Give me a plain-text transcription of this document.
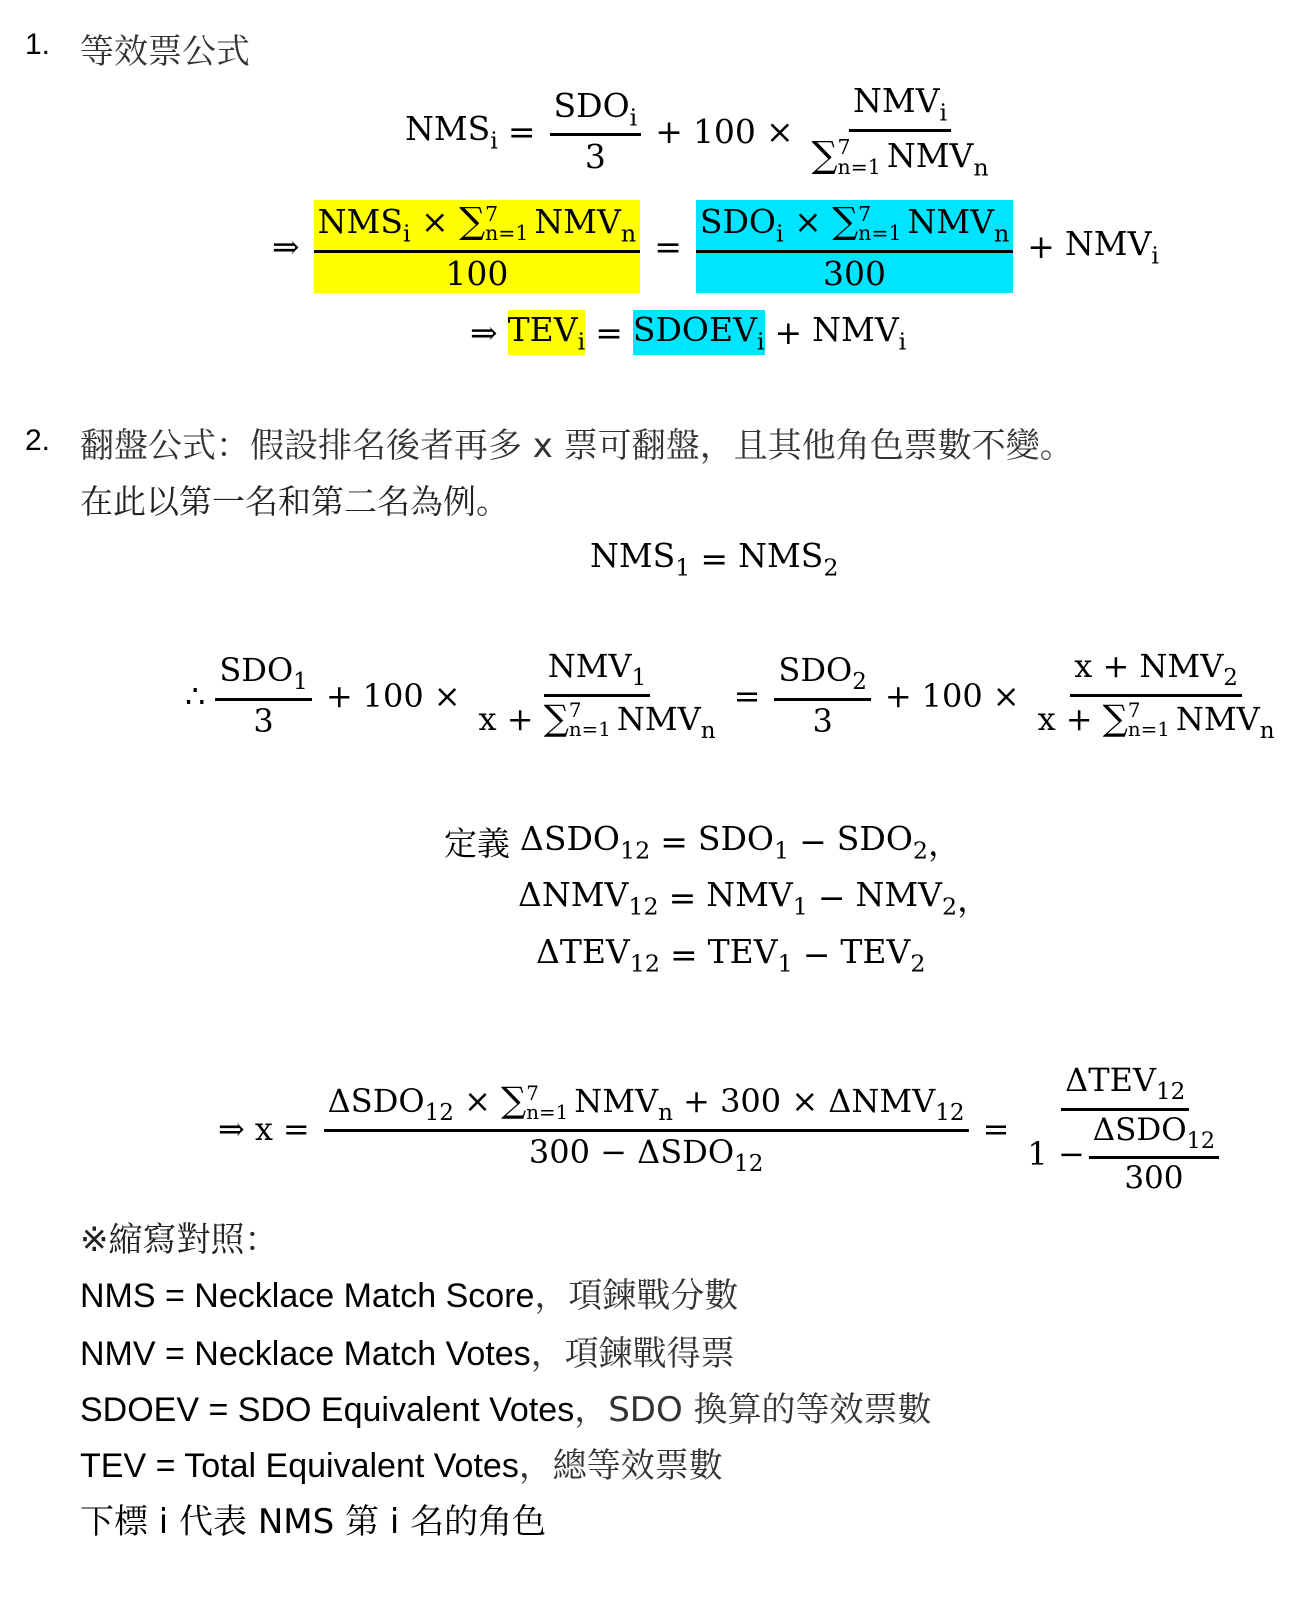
1. 等效票公式
$NMS_i = \frac{SDO_i}{3} + 100 \times NMV_i$
∑ 7
n=1 $NMV_n$
⇒ $NMS_i$ × ∑ 7
n=1 $NMV_n$
$100 = SDO_i$ × ∑ 7
n=1 $NMV_n$
$300 + NMV_i$
⇒ $TEV_i$ = $SDOEV_i + NMV_i$
2. 翻盤公式：假設排名後者再多 x 票可翻盤，且其他角色票數不變。
在此以第一名和第二名為例。
$NMS_1 = NMS_2$
∴ $\frac{SDO_1}{3} + 100 \times NMV_1$
x + ∑ 7
n=1 $NMV_n = \frac{SDO_2}{3} + 100 \times x + NMV_2$
x + ∑ 7
n=1 $NMV_n$
定義 $\Delta SDO_{12} = SDO_1 - SDO_2$ ，
$\Delta NMV_{12} = NMV_1 - NMV_2$ ，
$\Delta TEV_{12} = TEV_1 - TEV_2$
⇒ $x = \Delta SDO_{12}$ × ∑ 7
n=1 $NMV_n + 300 \times \Delta NMV_{12}$
$300 - \Delta SDO_{12} = \frac{\Delta TEV_{12}}{1 - \frac{\Delta SDO_{12}}{300}}$
※縮寫對照：
NMS = Necklace Match Score，項鍊戰分數
NMV = Necklace Match Votes，項鍊戰得票
SDOEV = SDO Equivalent Votes，SDO 換算的等效票數
TEV = Total Equivalent Votes，總等效票數
下標 i 代表 NMS 第 i 名的角色
